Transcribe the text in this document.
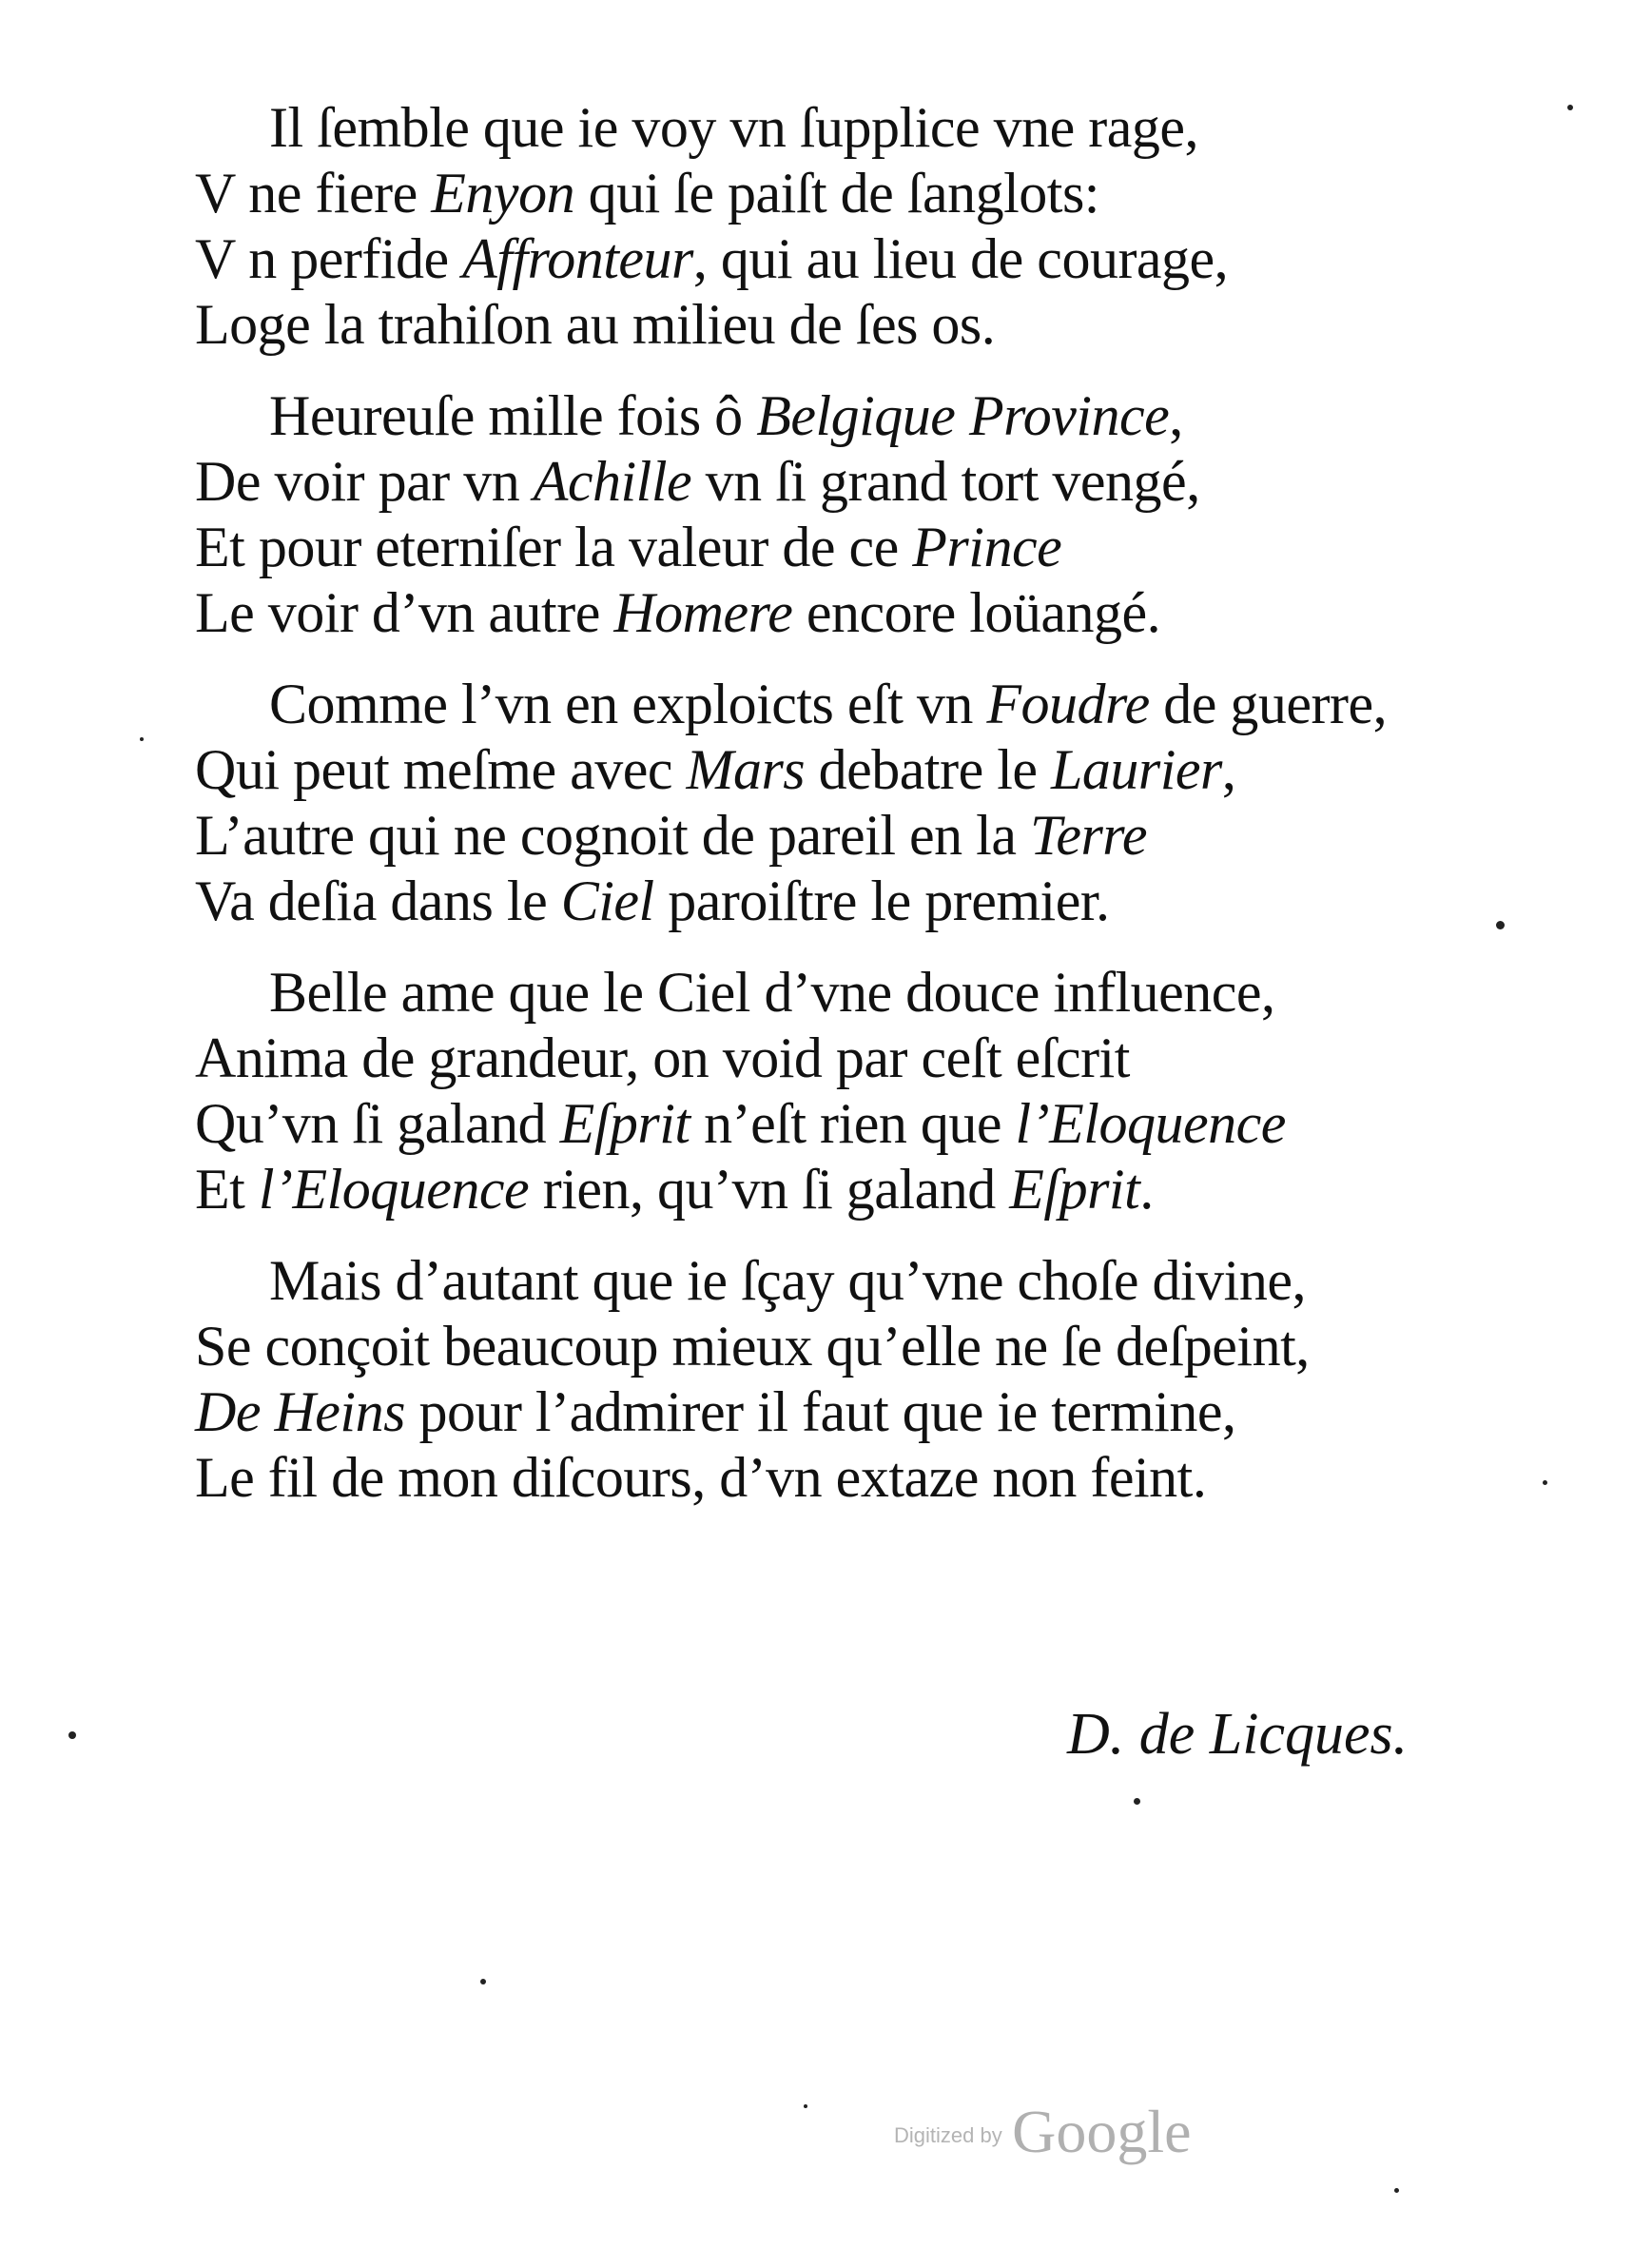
Il ſemble que ie voy vn ſupplice vne rage,
V ne fiere Enyon qui ſe paiſt de ſanglots:
V n perfide Affronteur, qui au lieu de courage,
Loge la trahiſon au milieu de ſes os.
Heureuſe mille fois ô Belgique Province,
De voir par vn Achille vn ſi grand tort vengé,
Et pour eterniſer la valeur de ce Prince
Le voir d’vn autre Homere encore loüangé.
Comme l’vn en exploicts eſt vn Foudre de guerre,
Qui peut meſme avec Mars debatre le Laurier,
L’autre qui ne cognoit de pareil en la Terre
Va deſia dans le Ciel paroiſtre le premier.
Belle ame que le Ciel d’vne douce influence,
Anima de grandeur, on void par ceſt eſcrit
Qu’vn ſi galand Eſprit n’eſt rien que l’Eloquence
Et l’Eloquence rien, qu’vn ſi galand Eſprit.
Mais d’autant que ie ſçay qu’vne choſe divine,
Se conçoit beaucoup mieux qu’elle ne ſe deſpeint,
De Heins pour l’admirer il faut que ie termine,
Le fil de mon diſcours, d’vn extaze non feint.
D. de Licques.
Digitized by Google
